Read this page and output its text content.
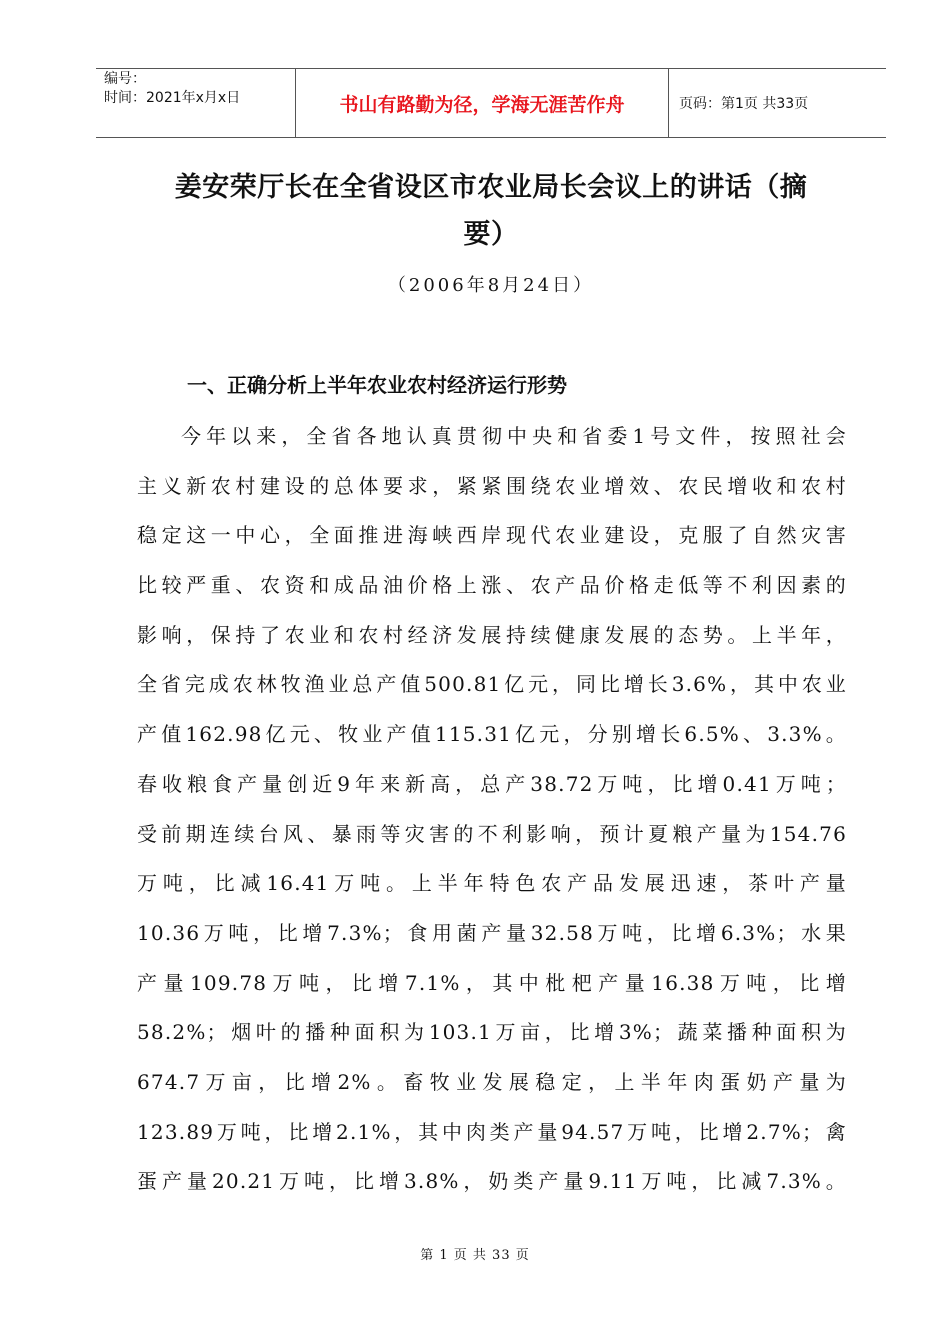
编号：
时间：2021年x月x日	书山有路勤为径，学海无涯苦作舟	页码：第1页 共33页
姜安荣厅长在全省设区市农业局长会议上的讲话（摘
要）
（2006年8月24日）
一、正确分析上半年农业农村经济运行形势
今年以来，全省各地认真贯彻中央和省委1号文件，按照社会
主义新农村建设的总体要求，紧紧围绕农业增效、农民增收和农村
稳定这一中心，全面推进海峡西岸现代农业建设，克服了自然灾害
比较严重、农资和成品油价格上涨、农产品价格走低等不利因素的
影响，保持了农业和农村经济发展持续健康发展的态势。上半年，
全省完成农林牧渔业总产值500.81亿元，同比增长3.6%，其中农业
产值162.98亿元、牧业产值115.31亿元，分别增长6.5%、3.3%。
春收粮食产量创近9年来新高，总产38.72万吨，比增0.41万吨；
受前期连续台风、暴雨等灾害的不利影响，预计夏粮产量为154.76
万吨，比减16.41万吨。上半年特色农产品发展迅速，茶叶产量
10.36万吨，比增7.3%；食用菌产量32.58万吨，比增6.3%；水果
产量109.78万吨，比增7.1%，其中枇杷产量16.38万吨，比增
58.2%；烟叶的播种面积为103.1万亩，比增3%；蔬菜播种面积为
674.7万亩，比增2%。畜牧业发展稳定，上半年肉蛋奶产量为
123.89万吨，比增2.1%，其中肉类产量94.57万吨，比增2.7%；禽
蛋产量20.21万吨，比增3.8%，奶类产量9.11万吨，比减7.3%。
第 1 页 共 33 页
